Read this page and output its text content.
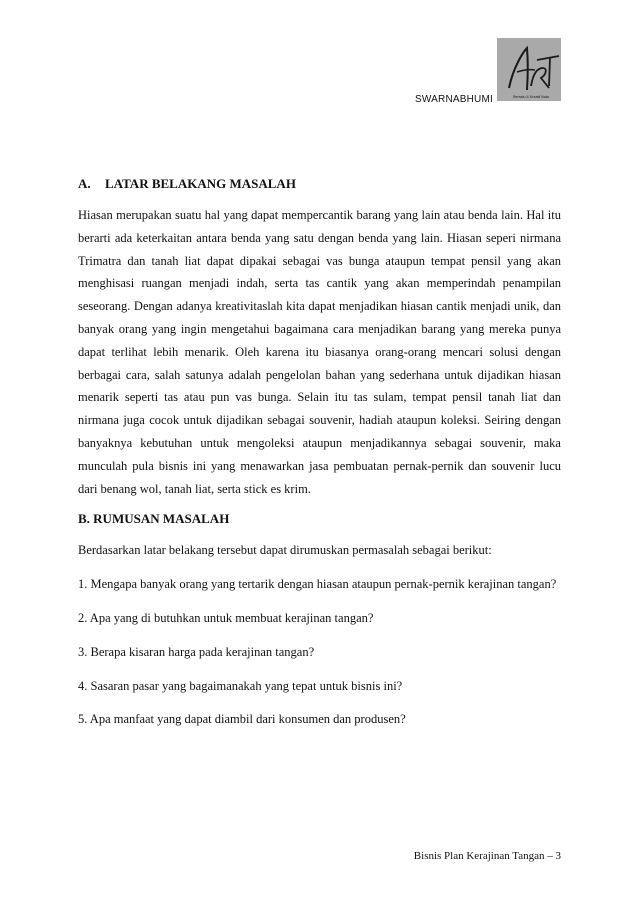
SWARNABHUMI	Bersatu & Kreatif Nata

A. LATAR BELAKANG MASALAH

Hiasan merupakan suatu hal yang dapat mempercantik barang yang lain atau benda lain. Hal itu berarti ada keterkaitan antara benda yang satu dengan benda yang lain. Hiasan seperi nirmana Trimatra dan tanah liat dapat dipakai sebagai vas bunga ataupun tempat pensil yang akan menghisasi ruangan menjadi indah, serta tas cantik yang akan memperindah penampilan seseorang. Dengan adanya kreativitaslah kita dapat menjadikan hiasan cantik menjadi unik, dan banyak orang yang ingin mengetahui bagaimana cara menjadikan barang yang mereka punya dapat terlihat lebih menarik. Oleh karena itu biasanya orang-orang mencari solusi dengan berbagai cara, salah satunya adalah pengelolan bahan yang sederhana untuk dijadikan hiasan menarik seperti tas atau pun vas bunga. Selain itu tas sulam, tempat pensil tanah liat dan nirmana juga cocok untuk dijadikan sebagai souvenir, hadiah ataupun koleksi. Seiring dengan banyaknya kebutuhan untuk mengoleksi ataupun menjadikannya sebagai souvenir, maka munculah pula bisnis ini yang menawarkan jasa pembuatan pernak-pernik dan souvenir lucu dari benang wol, tanah liat, serta stick es krim.

B. RUMUSAN MASALAH

Berdasarkan latar belakang tersebut dapat dirumuskan permasalah sebagai berikut:

1. Mengapa banyak orang yang tertarik dengan hiasan ataupun pernak-pernik kerajinan tangan?

2. Apa yang di butuhkan untuk membuat kerajinan tangan?

3. Berapa kisaran harga pada kerajinan tangan?

4. Sasaran pasar yang bagaimanakah yang tepat untuk bisnis ini?

5. Apa manfaat yang dapat diambil dari konsumen dan produsen?

Bisnis Plan Kerajinan Tangan – 3
